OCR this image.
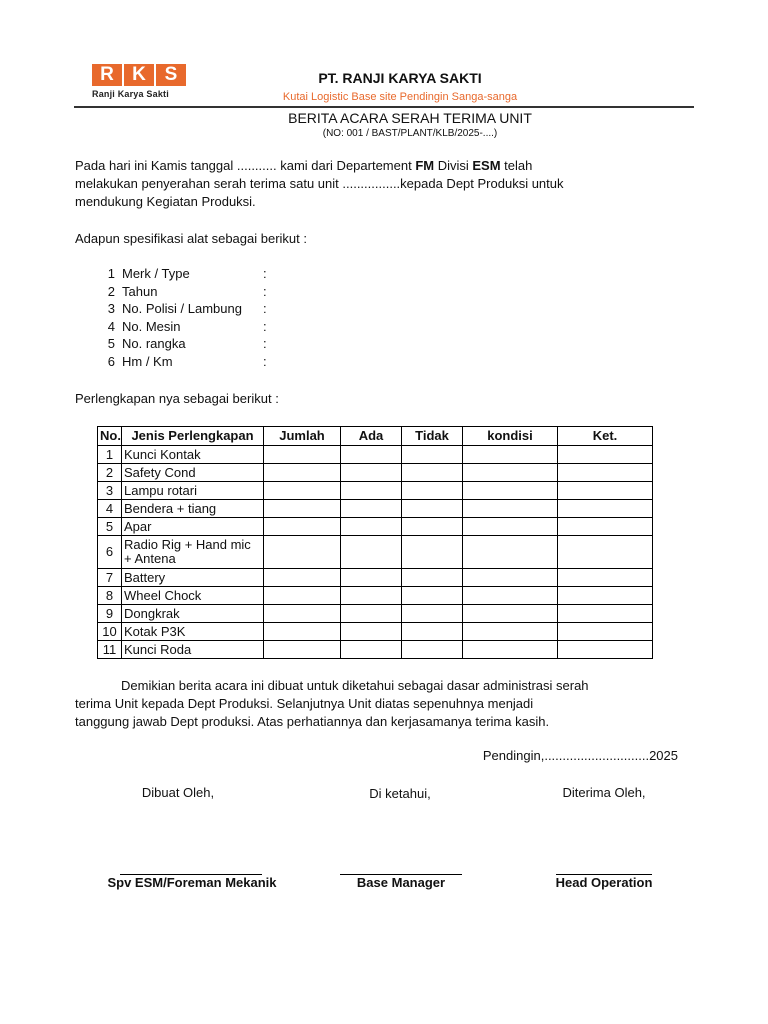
R K S
Ranji Karya Sakti
PT. RANJI KARYA SAKTI
Kutai Logistic Base site Pendingin Sanga-sanga
BERITA ACARA SERAH TERIMA UNIT
(NO: 001 / BAST/PLANT/KLB/2025-....)
Pada hari ini Kamis tanggal ........... kami dari Departement FM Divisi ESM telah
melakukan penyerahan serah terima satu unit ................kepada Dept Produksi untuk
mendukung Kegiatan Produksi.
Adapun spesifikasi alat sebagai berikut :
1 Merk / Type	:
2 Tahun	:
3 No. Polisi / Lambung	:
4 No. Mesin	:
5 No. rangka	:
6 Hm / Km	:
Perlengkapan nya sebagai berikut :
No.	Jenis Perlengkapan	Jumlah	Ada	Tidak	kondisi	Ket.
1	Kunci Kontak					
2	Safety Cond					
3	Lampu rotari					
4	Bendera + tiang					
5	Apar					
6	Radio Rig + Hand mic + Antena					
7	Battery					
8	Wheel Chock					
9	Dongkrak					
10	Kotak P3K					
11	Kunci Roda					
Demikian berita acara ini dibuat untuk diketahui sebagai dasar administrasi serah
terima Unit kepada Dept Produksi. Selanjutnya Unit diatas sepenuhnya menjadi
tanggung jawab Dept produksi. Atas perhatiannya dan kerjasamanya terima kasih.
Pendingin,.............................2025
Dibuat Oleh,	Di ketahui,	Diterima Oleh,
Spv ESM/Foreman Mekanik	Base Manager	Head Operation
